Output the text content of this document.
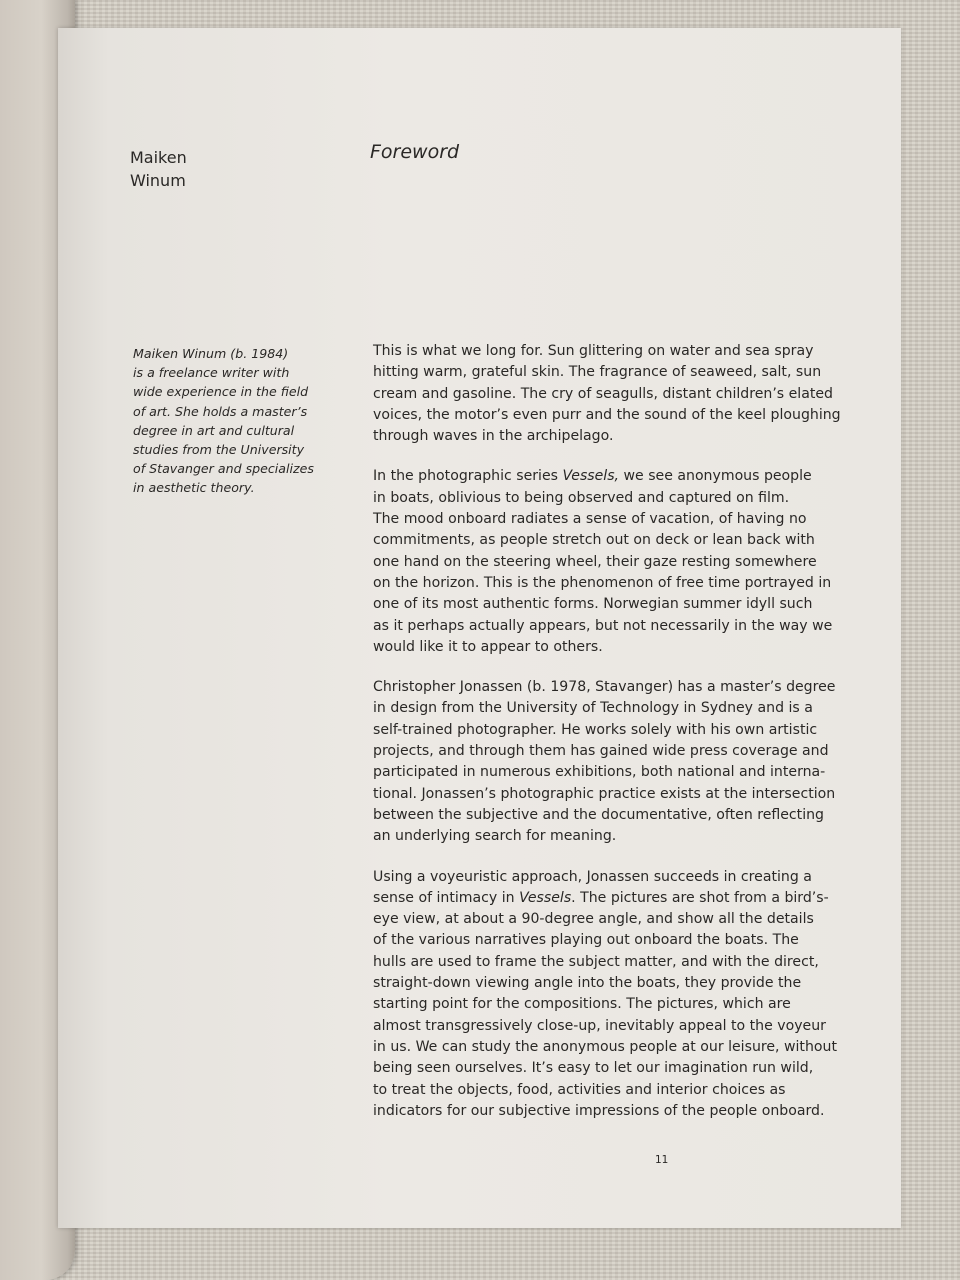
Maiken
Winum
Foreword
Maiken Winum (b. 1984)
is a freelance writer with
wide experience in the field
of art. She holds a master’s
degree in art and cultural
studies from the University
of Stavanger and specializes
in aesthetic theory.

This is what we long for. Sun glittering on water and sea spray
hitting warm, grateful skin. The fragrance of seaweed, salt, sun
cream and gasoline. The cry of seagulls, distant children’s elated
voices, the motor’s even purr and the sound of the keel ploughing
through waves in the archipelago.

In the photographic series Vessels, we see anonymous people
in boats, oblivious to being observed and captured on film.
The mood onboard radiates a sense of vacation, of having no
commitments, as people stretch out on deck or lean back with
one hand on the steering wheel, their gaze resting somewhere
on the horizon. This is the phenomenon of free time portrayed in
one of its most authentic forms. Norwegian summer idyll such
as it perhaps actually appears, but not necessarily in the way we
would like it to appear to others.

Christopher Jonassen (b. 1978, Stavanger) has a master’s degree
in design from the University of Technology in Sydney and is a
self-trained photographer. He works solely with his own artistic
projects, and through them has gained wide press coverage and
participated in numerous exhibitions, both national and interna-
tional. Jonassen’s photographic practice exists at the intersection
between the subjective and the documentative, often reflecting
an underlying search for meaning.

Using a voyeuristic approach, Jonassen succeeds in creating a
sense of intimacy in Vessels. The pictures are shot from a bird’s-
eye view, at about a 90-degree angle, and show all the details
of the various narratives playing out onboard the boats. The
hulls are used to frame the subject matter, and with the direct,
straight-down viewing angle into the boats, they provide the
starting point for the compositions. The pictures, which are
almost transgressively close-up, inevitably appeal to the voyeur
in us. We can study the anonymous people at our leisure, without
being seen ourselves. It’s easy to let our imagination run wild,
to treat the objects, food, activities and interior choices as
indicators for our subjective impressions of the people onboard.

11
